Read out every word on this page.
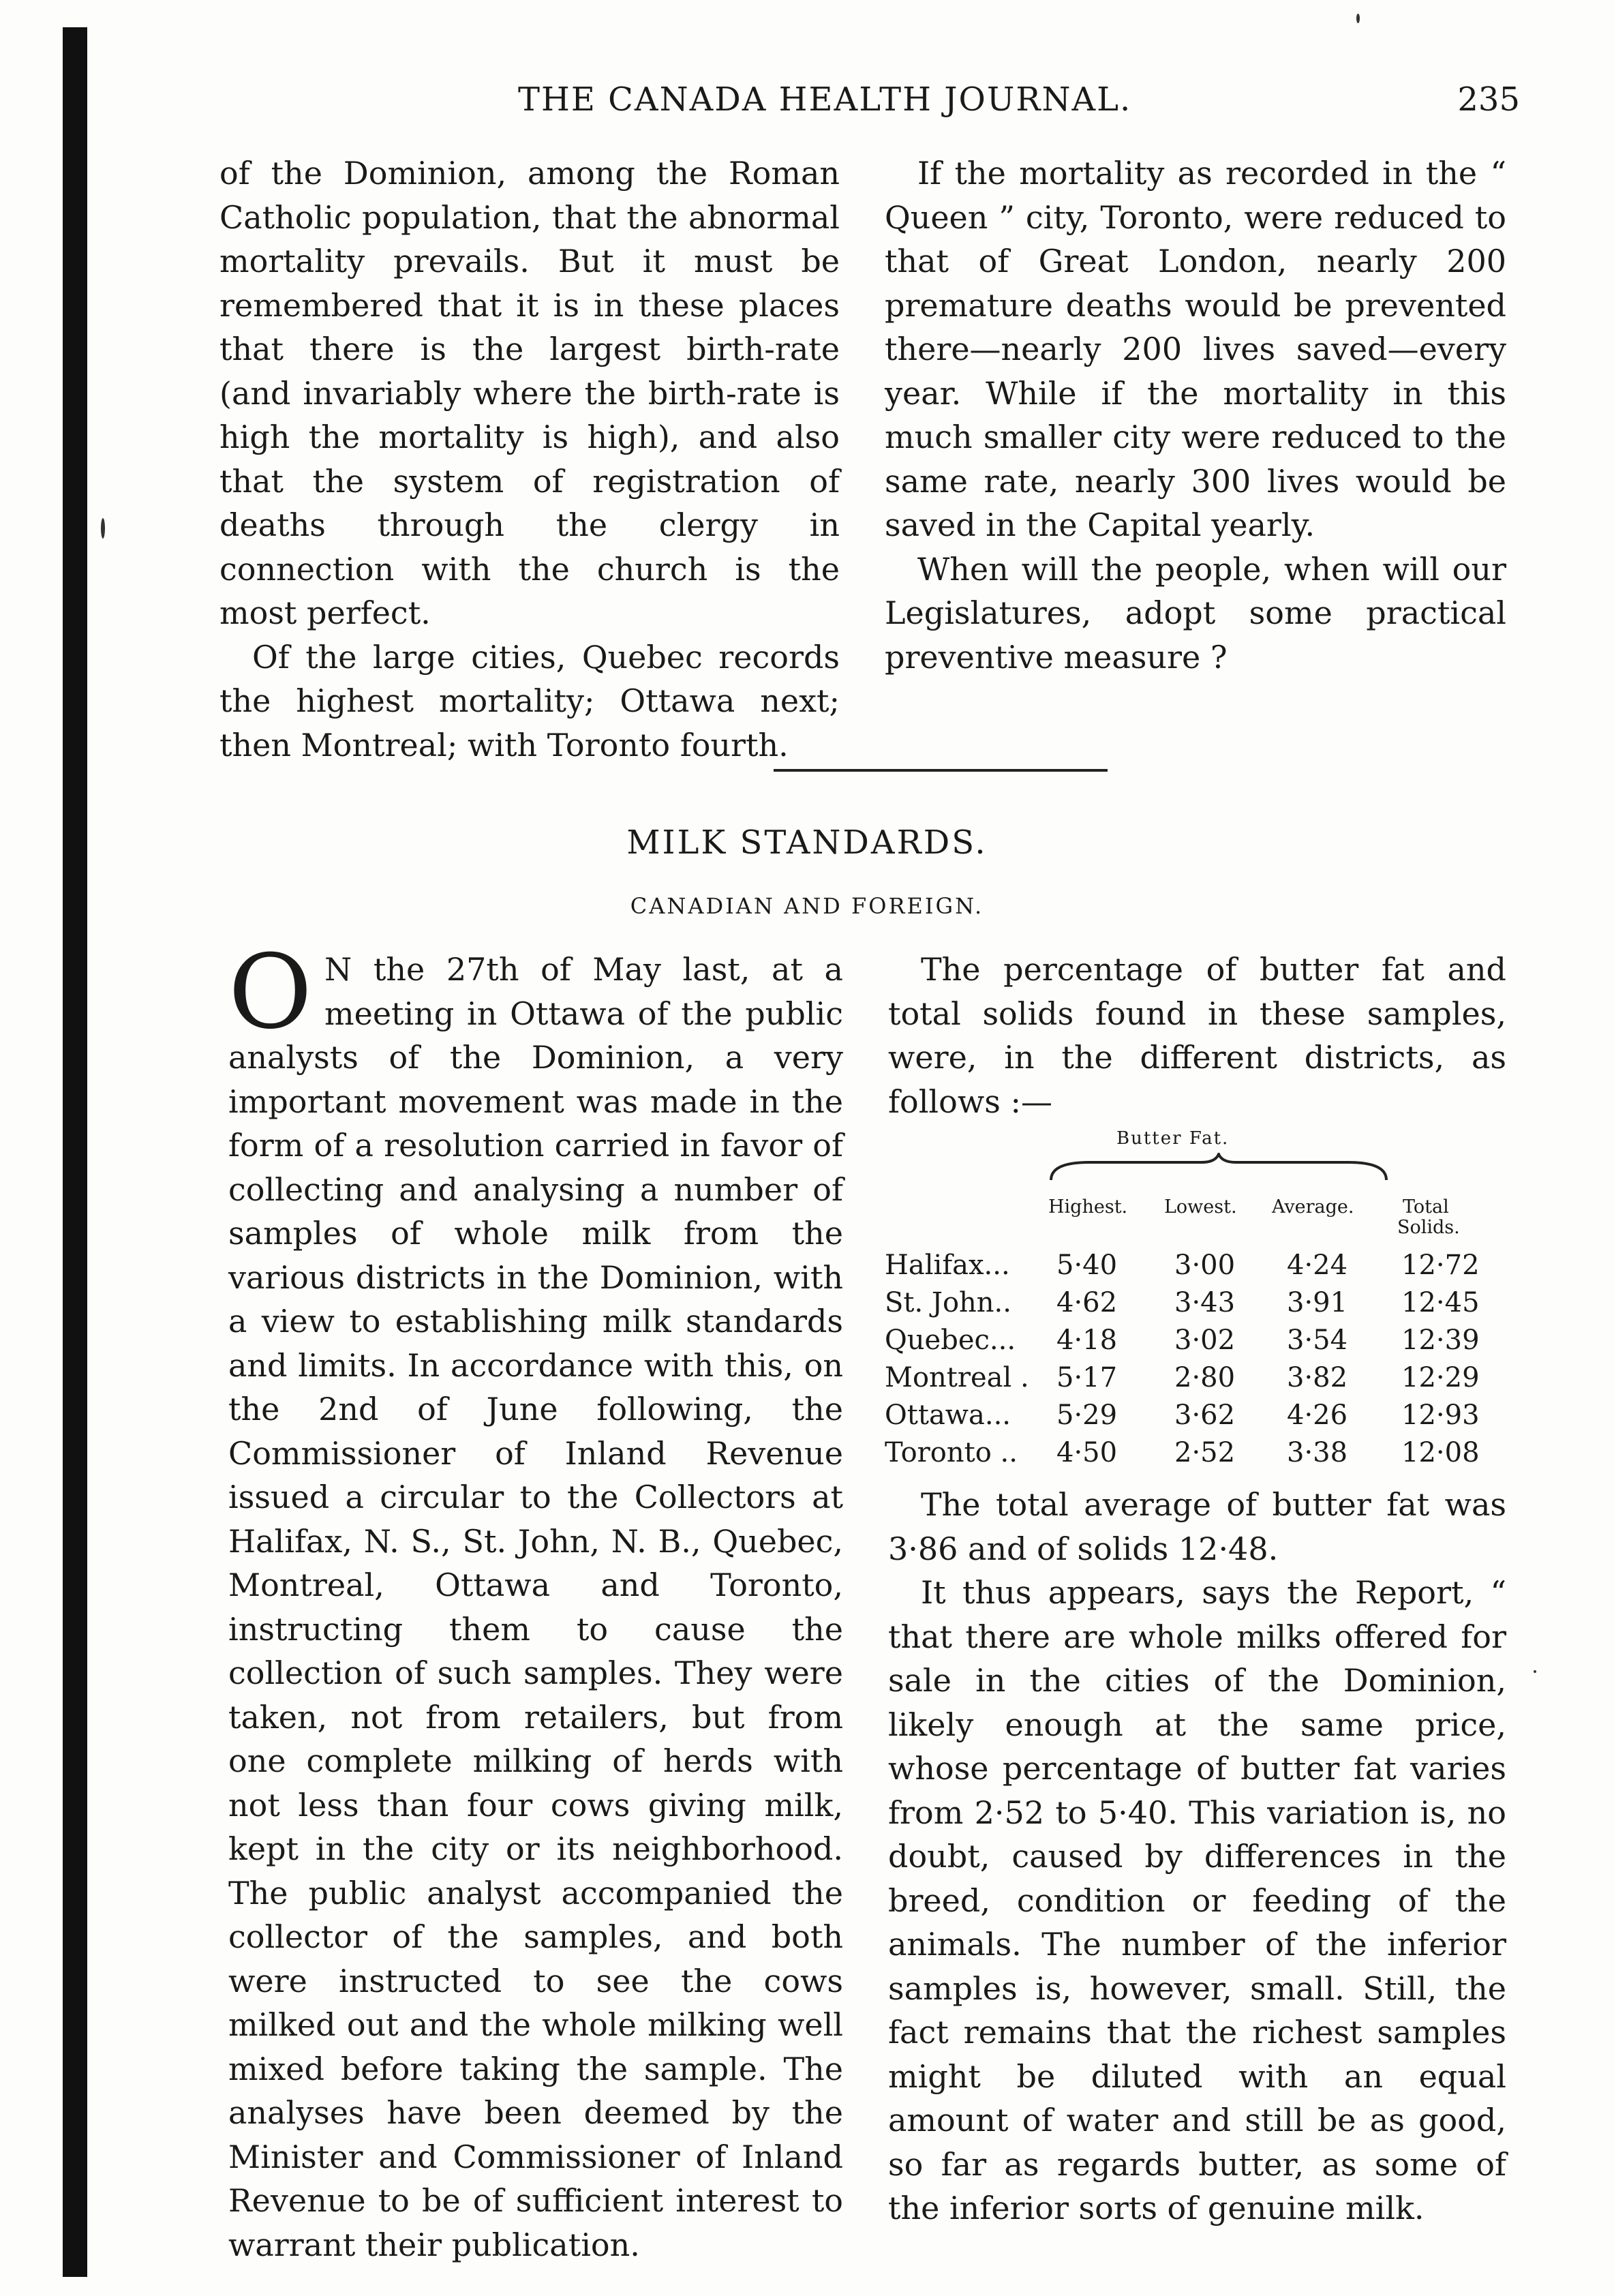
THE CANADA HEALTH JOURNAL.	235

of the Dominion, among the Roman Catholic population, that the abnormal mortality prevails. But it must be remembered that it is in these places that there is the largest birth-rate (and invariably where the birth-rate is high the mortality is high), and also that the system of registration of deaths through the clergy in connection with the church is the most perfect.

Of the large cities, Quebec records the highest mortality; Ottawa next; then Montreal; with Toronto fourth.

If the mortality as recorded in the “ Queen ” city, Toronto, were reduced to that of Great London, nearly 200 premature deaths would be prevented there—nearly 200 lives saved—every year. While if the mortality in this much smaller city were reduced to the same rate, nearly 300 lives would be saved in the Capital yearly.

When will the people, when will our Legislatures, adopt some practical preventive measure ?

MILK STANDARDS.
CANADIAN AND FOREIGN.
O N the 27th of May last, at a meeting in Ottawa of the public analysts of the Dominion, a very important movement was made in the form of a resolution carried in favor of collecting and analysing a number of samples of whole milk from the various districts in the Dominion, with a view to establishing milk standards and limits. In accordance with this, on the 2nd of June following, the Commissioner of Inland Revenue issued a circular to the Collectors at Halifax, N. S., St. John, N. B., Quebec, Montreal, Ottawa and Toronto, instructing them to cause the collection of such samples. They were taken, not from retailers, but from one complete milking of herds with not less than four cows giving milk, kept in the city or its neighborhood. The public analyst accompanied the collector of the samples, and both were instructed to see the cows milked out and the whole milking well mixed before taking the sample. The analyses have been deemed by the Minister and Commissioner of Inland Revenue to be of sufficient interest to warrant their publication.

The percentage of butter fat and total solids found in these samples, were, in the different districts, as follows :—

Butter Fat.
Highest. Lowest. Average.	Total
Solids.
Halifax... 5·40 3·00 4·24 12·72
St. John.. 4·62 3·43 3·91 12·45
Quebec... 4·18 3·02 3·54 12·39
Montreal . 5·17 2·80 3·82 12·29
Ottawa... 5·29 3·62 4·26 12·93
Toronto .. 4·50 2·52 3·38 12·08

The total average of butter fat was 3·86 and of solids 12·48.

It thus appears, says the Report, “ that there are whole milks offered for sale in the cities of the Dominion, likely enough at the same price, whose percentage of butter fat varies from 2·52 to 5·40. This variation is, no doubt, caused by differences in the breed, condition or feeding of the animals. The number of the inferior samples is, however, small. Still, the fact remains that the richest samples might be diluted with an equal amount of water and still be as good, so far as regards butter, as some of the inferior sorts of genuine milk.
